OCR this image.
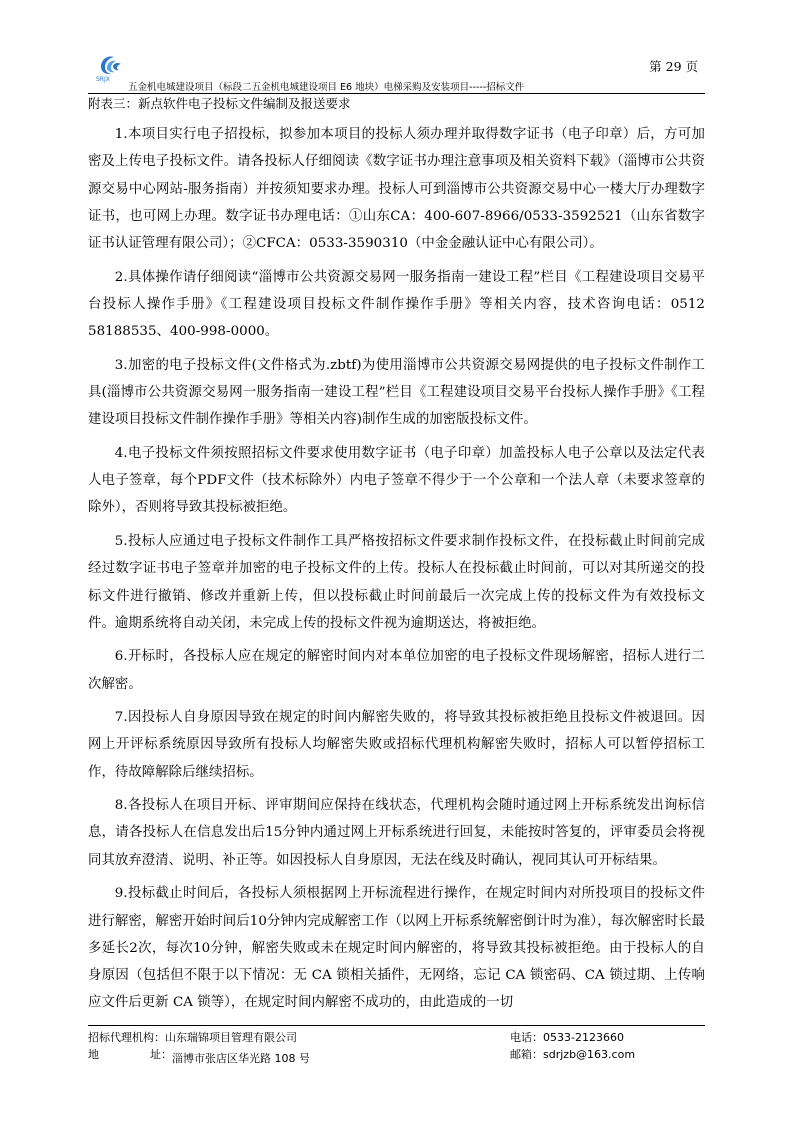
SRJX
第 29 页
五金机电城建设项目（标段二五金机电城建设项目 E6 地块）电梯采购及安装项目-----招标文件
附表三：新点软件电子投标文件编制及报送要求

1.本项目实行电子招投标，拟参加本项目的投标人须办理并取得数字证书（电子印章）后，方可加密及上传电子投标文件。请各投标人仔细阅读《数字证书办理注意事项及相关资料下载》（淄博市公共资源交易中心网站-服务指南）并按须知要求办理。投标人可到淄博市公共资源交易中心一楼大厅办理数字证书，也可网上办理。数字证书办理电话：①山东CA：400-607-8966/0533-3592521（山东省数字证书认证管理有限公司）；②CFCA：0533-3590310（中金金融认证中心有限公司）。

2.具体操作请仔细阅读“淄博市公共资源交易网一服务指南一建设工程”栏目《工程建设项目交易平台投标人操作手册》《工程建设项目投标文件制作操作手册》等相关内容，技术咨询电话：0512 58188535、400-998-0000。

3.加密的电子投标文件(文件格式为.zbtf)为使用淄博市公共资源交易网提供的电子投标文件制作工具(淄博市公共资源交易网一服务指南一建设工程”栏目《工程建设项目交易平台投标人操作手册》《工程建设项目投标文件制作操作手册》等相关内容)制作生成的加密版投标文件。

4.电子投标文件须按照招标文件要求使用数字证书（电子印章）加盖投标人电子公章以及法定代表人电子签章，每个PDF文件（技术标除外）内电子签章不得少于一个公章和一个法人章（未要求签章的除外），否则将导致其投标被拒绝。

5.投标人应通过电子投标文件制作工具严格按招标文件要求制作投标文件，在投标截止时间前完成经过数字证书电子签章并加密的电子投标文件的上传。投标人在投标截止时间前，可以对其所递交的投标文件进行撤销、修改并重新上传，但以投标截止时间前最后一次完成上传的投标文件为有效投标文件。逾期系统将自动关闭，未完成上传的投标文件视为逾期送达，将被拒绝。

6.开标时，各投标人应在规定的解密时间内对本单位加密的电子投标文件现场解密，招标人进行二次解密。

7.因投标人自身原因导致在规定的时间内解密失败的，将导致其投标被拒绝且投标文件被退回。因网上开评标系统原因导致所有投标人均解密失败或招标代理机构解密失败时，招标人可以暂停招标工作，待故障解除后继续招标。

8.各投标人在项目开标、评审期间应保持在线状态，代理机构会随时通过网上开标系统发出询标信息，请各投标人在信息发出后15分钟内通过网上开标系统进行回复，未能按时答复的，评审委员会将视同其放弃澄清、说明、补正等。如因投标人自身原因，无法在线及时确认，视同其认可开标结果。

9.投标截止时间后，各投标人须根据网上开标流程进行操作，在规定时间内对所投项目的投标文件进行解密，解密开始时间后10分钟内完成解密工作（以网上开标系统解密倒计时为准），每次解密时长最多延长2次，每次10分钟，解密失败或未在规定时间内解密的，将导致其投标被拒绝。由于投标人的自身原因（包括但不限于以下情况：无 CA 锁相关插件，无网络，忘记 CA 锁密码、CA 锁过期、上传响应文件后更新 CA 锁等），在规定时间内解密不成功的，由此造成的一切

招标代理机构：山东瑞锦项目管理有限公司	电话：0533-2123660
地	址： 淄博市张店区华光路 108 号	邮箱：sdrjzb@163.com
